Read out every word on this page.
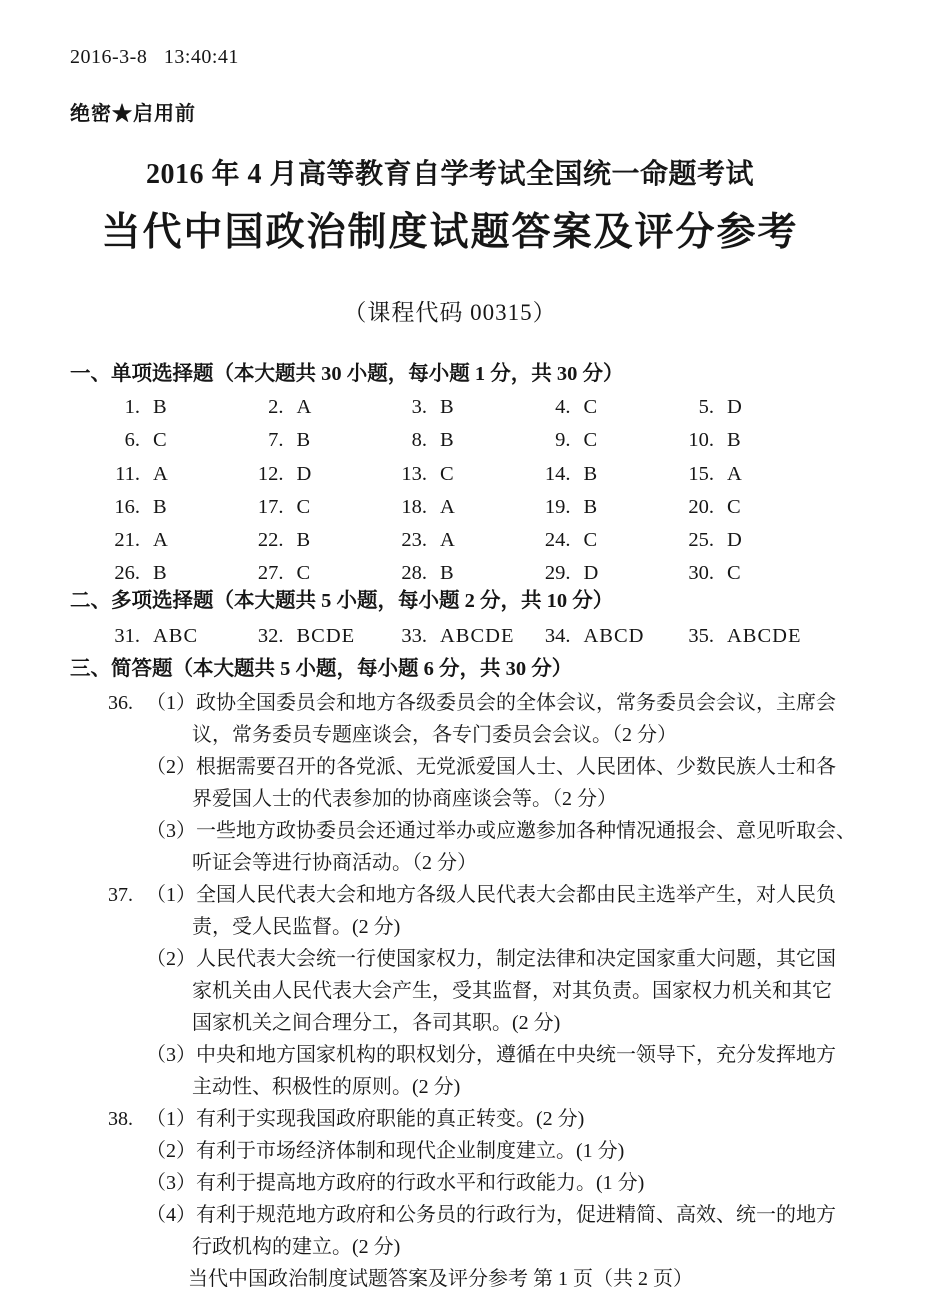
2016-3-8   13:40:41
绝密★启用前
2016 年 4 月高等教育自学考试全国统一命题考试
当代中国政治制度试题答案及评分参考
（课程代码 00315）
一、单项选择题（本大题共 30 小题，每小题 1 分，共 30 分）
1. B	2. A	3. B	4. C	5. D
6. C	7. B	8. B	9. C	10. B
11. A	12. D	13. C	14. B	15. A
16. B	17. C	18. A	19. B	20. C
21. A	22. B	23. A	24. C	25. D
26. B	27. C	28. B	29. D	30. C
二、多项选择题（本大题共 5 小题，每小题 2 分，共 10 分）
31. ABC	32. BCDE	33. ABCDE	34. ABCD	35. ABCDE
三、简答题（本大题共 5 小题，每小题 6 分，共 30 分）
36. （1） 政协全国委员会和地方各级委员会的全体会议，常务委员会会议，主席会
议，常务委员专题座谈会，各专门委员会会议。（2 分）
（2） 根据需要召开的各党派、无党派爱国人士、人民团体、少数民族人士和各
界爱国人士的代表参加的协商座谈会等。（2 分）
（3） 一些地方政协委员会还通过举办或应邀参加各种情况通报会、意见听取会、
听证会等进行协商活动。（2 分）
37. （1） 全国人民代表大会和地方各级人民代表大会都由民主选举产生，对人民负
责，受人民监督。(2 分)
（2） 人民代表大会统一行使国家权力，制定法律和决定国家重大问题，其它国
家机关由人民代表大会产生，受其监督，对其负责。国家权力机关和其它
国家机关之间合理分工，各司其职。(2 分)
（3） 中央和地方国家机构的职权划分，遵循在中央统一领导下，充分发挥地方
主动性、积极性的原则。(2 分)
38. （1） 有利于实现我国政府职能的真正转变。(2 分)
（2） 有利于市场经济体制和现代企业制度建立。(1 分)
（3） 有利于提高地方政府的行政水平和行政能力。(1 分)
（4） 有利于规范地方政府和公务员的行政行为，促进精简、高效、统一的地方
行政机构的建立。(2 分)
当代中国政治制度试题答案及评分参考 第 1 页（共 2 页）
